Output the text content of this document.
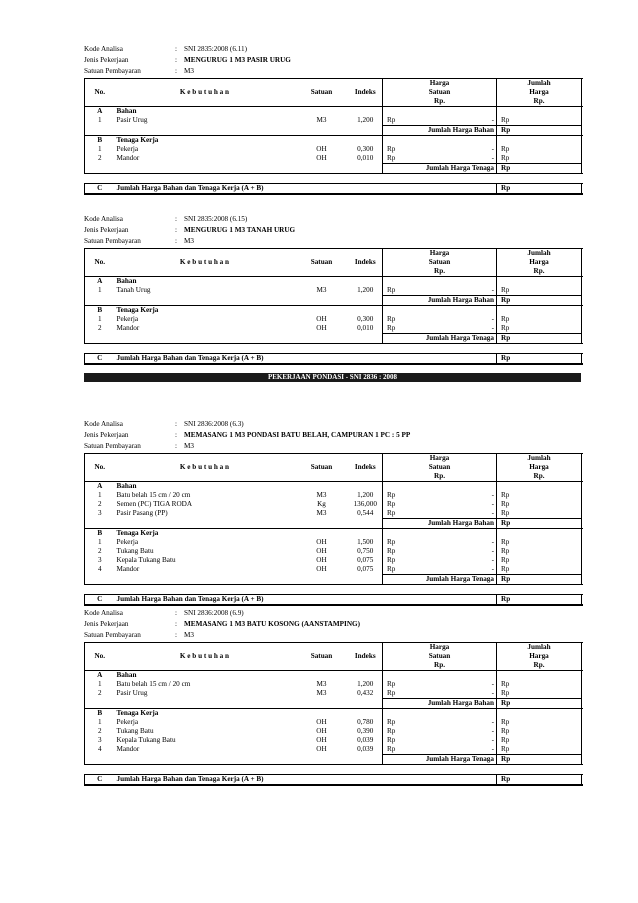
PEKERJAAN PONDASI - SNI 2836 : 2008
Kode Analisa	: SNI 2835:2008 (6.11)
Jenis Pekerjaan	: MENGURUG 1 M3 PASIR URUG
Satuan Pembayaran	: M3
No.	K e b u t u h a n	Satuan	Indeks	Harga			Jumlah	
				Satuan			Harga	
				Rp.			Rp.	
A	Bahan							
1	Pasir Urug	M3	1,200	Rp		-	Rp	
				Jumlah Harga Bahan			Rp	
B	Tenaga Kerja							
1	Pekerja	OH	0,300	Rp		-	Rp	
2	Mandor	OH	0,010	Rp		-	Rp	
				Jumlah Harga Tenaga			Rp	

C	Jumlah Harga Bahan dan Tenaga Kerja (A + B)						Rp	
Kode Analisa	: SNI 2835:2008 (6.15)
Jenis Pekerjaan	: MENGURUG 1 M3 TANAH URUG
Satuan Pembayaran	: M3
No.	K e b u t u h a n	Satuan	Indeks	Harga			Jumlah	
				Satuan			Harga	
				Rp.			Rp.	
A	Bahan							
1	Tanah Urug	M3	1,200	Rp		-	Rp	
				Jumlah Harga Bahan			Rp	
B	Tenaga Kerja							
1	Pekerja	OH	0,300	Rp		-	Rp	
2	Mandor	OH	0,010	Rp		-	Rp	
				Jumlah Harga Tenaga			Rp	

C	Jumlah Harga Bahan dan Tenaga Kerja (A + B)						Rp	
Kode Analisa	: SNI 2836:2008 (6.3)
Jenis Pekerjaan	: MEMASANG 1 M3 PONDASI BATU BELAH, CAMPURAN 1 PC : 5 PP
Satuan Pembayaran	: M3
No.	K e b u t u h a n	Satuan	Indeks	Harga			Jumlah	
				Satuan			Harga	
				Rp.			Rp.	
A	Bahan							
1	Batu belah 15 cm / 20 cm	M3	1,200	Rp		-	Rp	
2	Semen (PC) TIGA RODA	Kg	136,000	Rp		-	Rp	
3	Pasir Pasang (PP)	M3	0,544	Rp		-	Rp	
				Jumlah Harga Bahan			Rp	
B	Tenaga Kerja							
1	Pekerja	OH	1,500	Rp		-	Rp	
2	Tukang Batu	OH	0,750	Rp		-	Rp	
3	Kepala Tukang Batu	OH	0,075	Rp		-	Rp	
4	Mandor	OH	0,075	Rp		-	Rp	
				Jumlah Harga Tenaga			Rp	

C	Jumlah Harga Bahan dan Tenaga Kerja (A + B)						Rp	
Kode Analisa	: SNI 2836:2008 (6.9)
Jenis Pekerjaan	: MEMASANG 1 M3 BATU KOSONG (AANSTAMPING)
Satuan Pembayaran	: M3
No.	K e b u t u h a n	Satuan	Indeks	Harga			Jumlah	
				Satuan			Harga	
				Rp.			Rp.	
A	Bahan							
1	Batu belah 15 cm / 20 cm	M3	1,200	Rp		-	Rp	
2	Pasir Urug	M3	0,432	Rp		-	Rp	
				Jumlah Harga Bahan			Rp	
B	Tenaga Kerja							
1	Pekerja	OH	0,780	Rp		-	Rp	
2	Tukang Batu	OH	0,390	Rp		-	Rp	
3	Kepala Tukang Batu	OH	0,039	Rp		-	Rp	
4	Mandor	OH	0,039	Rp		-	Rp	
				Jumlah Harga Tenaga			Rp	

C	Jumlah Harga Bahan dan Tenaga Kerja (A + B)						Rp	
